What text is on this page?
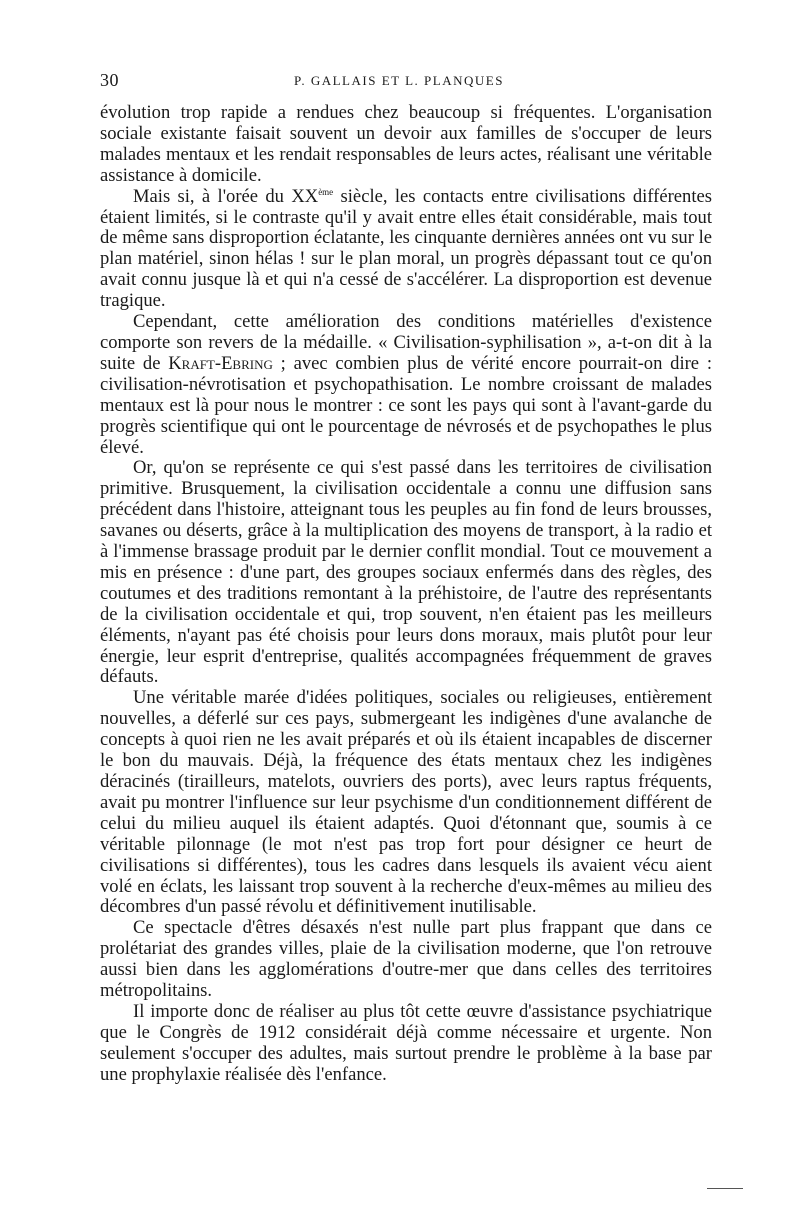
30	P. GALLAIS ET L. PLANQUES

évolution trop rapide a rendues chez beaucoup si fréquentes. L'organisation sociale existante faisait souvent un devoir aux familles de s'occuper de leurs malades mentaux et les rendait responsables de leurs actes, réalisant une véritable assistance à domicile.

Mais si, à l'orée du XXème siècle, les contacts entre civilisations différentes étaient limités, si le contraste qu'il y avait entre elles était considérable, mais tout de même sans disproportion éclatante, les cinquante dernières années ont vu sur le plan matériel, sinon hélas ! sur le plan moral, un progrès dépassant tout ce qu'on avait connu jusque là et qui n'a cessé de s'accélérer. La disproportion est devenue tragique.

Cependant, cette amélioration des conditions matérielles d'existence comporte son revers de la médaille. « Civilisation-syphilisation », a-t-on dit à la suite de Kraft-Ebring ; avec combien plus de vérité encore pourrait-on dire : civilisation-névrotisation et psychopathisation. Le nombre croissant de malades mentaux est là pour nous le montrer : ce sont les pays qui sont à l'avant-garde du progrès scientifique qui ont le pourcentage de névrosés et de psychopathes le plus élevé.

Or, qu'on se représente ce qui s'est passé dans les territoires de civilisation primitive. Brusquement, la civilisation occidentale a connu une diffusion sans précédent dans l'histoire, atteignant tous les peuples au fin fond de leurs brousses, savanes ou déserts, grâce à la multiplication des moyens de transport, à la radio et à l'immense brassage produit par le dernier conflit mondial. Tout ce mouvement a mis en présence : d'une part, des groupes sociaux enfermés dans des règles, des coutumes et des traditions remontant à la préhistoire, de l'autre des représentants de la civilisation occidentale et qui, trop souvent, n'en étaient pas les meilleurs éléments, n'ayant pas été choisis pour leurs dons moraux, mais plutôt pour leur énergie, leur esprit d'entreprise, qualités accompagnées fréquemment de graves défauts.

Une véritable marée d'idées politiques, sociales ou religieuses, entièrement nouvelles, a déferlé sur ces pays, submergeant les indigènes d'une avalanche de concepts à quoi rien ne les avait préparés et où ils étaient incapables de discerner le bon du mauvais. Déjà, la fréquence des états mentaux chez les indigènes déracinés (tirailleurs, matelots, ouvriers des ports), avec leurs raptus fréquents, avait pu montrer l'influence sur leur psychisme d'un conditionnement différent de celui du milieu auquel ils étaient adaptés. Quoi d'étonnant que, soumis à ce véritable pilonnage (le mot n'est pas trop fort pour désigner ce heurt de civilisations si différentes), tous les cadres dans lesquels ils avaient vécu aient volé en éclats, les laissant trop souvent à la recherche d'eux-mêmes au milieu des décombres d'un passé révolu et définitivement inutilisable.

Ce spectacle d'êtres désaxés n'est nulle part plus frappant que dans ce prolétariat des grandes villes, plaie de la civilisation moderne, que l'on retrouve aussi bien dans les agglomérations d'outre-mer que dans celles des territoires métropolitains.

Il importe donc de réaliser au plus tôt cette œuvre d'assistance psychiatrique que le Congrès de 1912 considérait déjà comme nécessaire et urgente. Non seulement s'occuper des adultes, mais surtout prendre le problème à la base par une prophylaxie réalisée dès l'enfance.
